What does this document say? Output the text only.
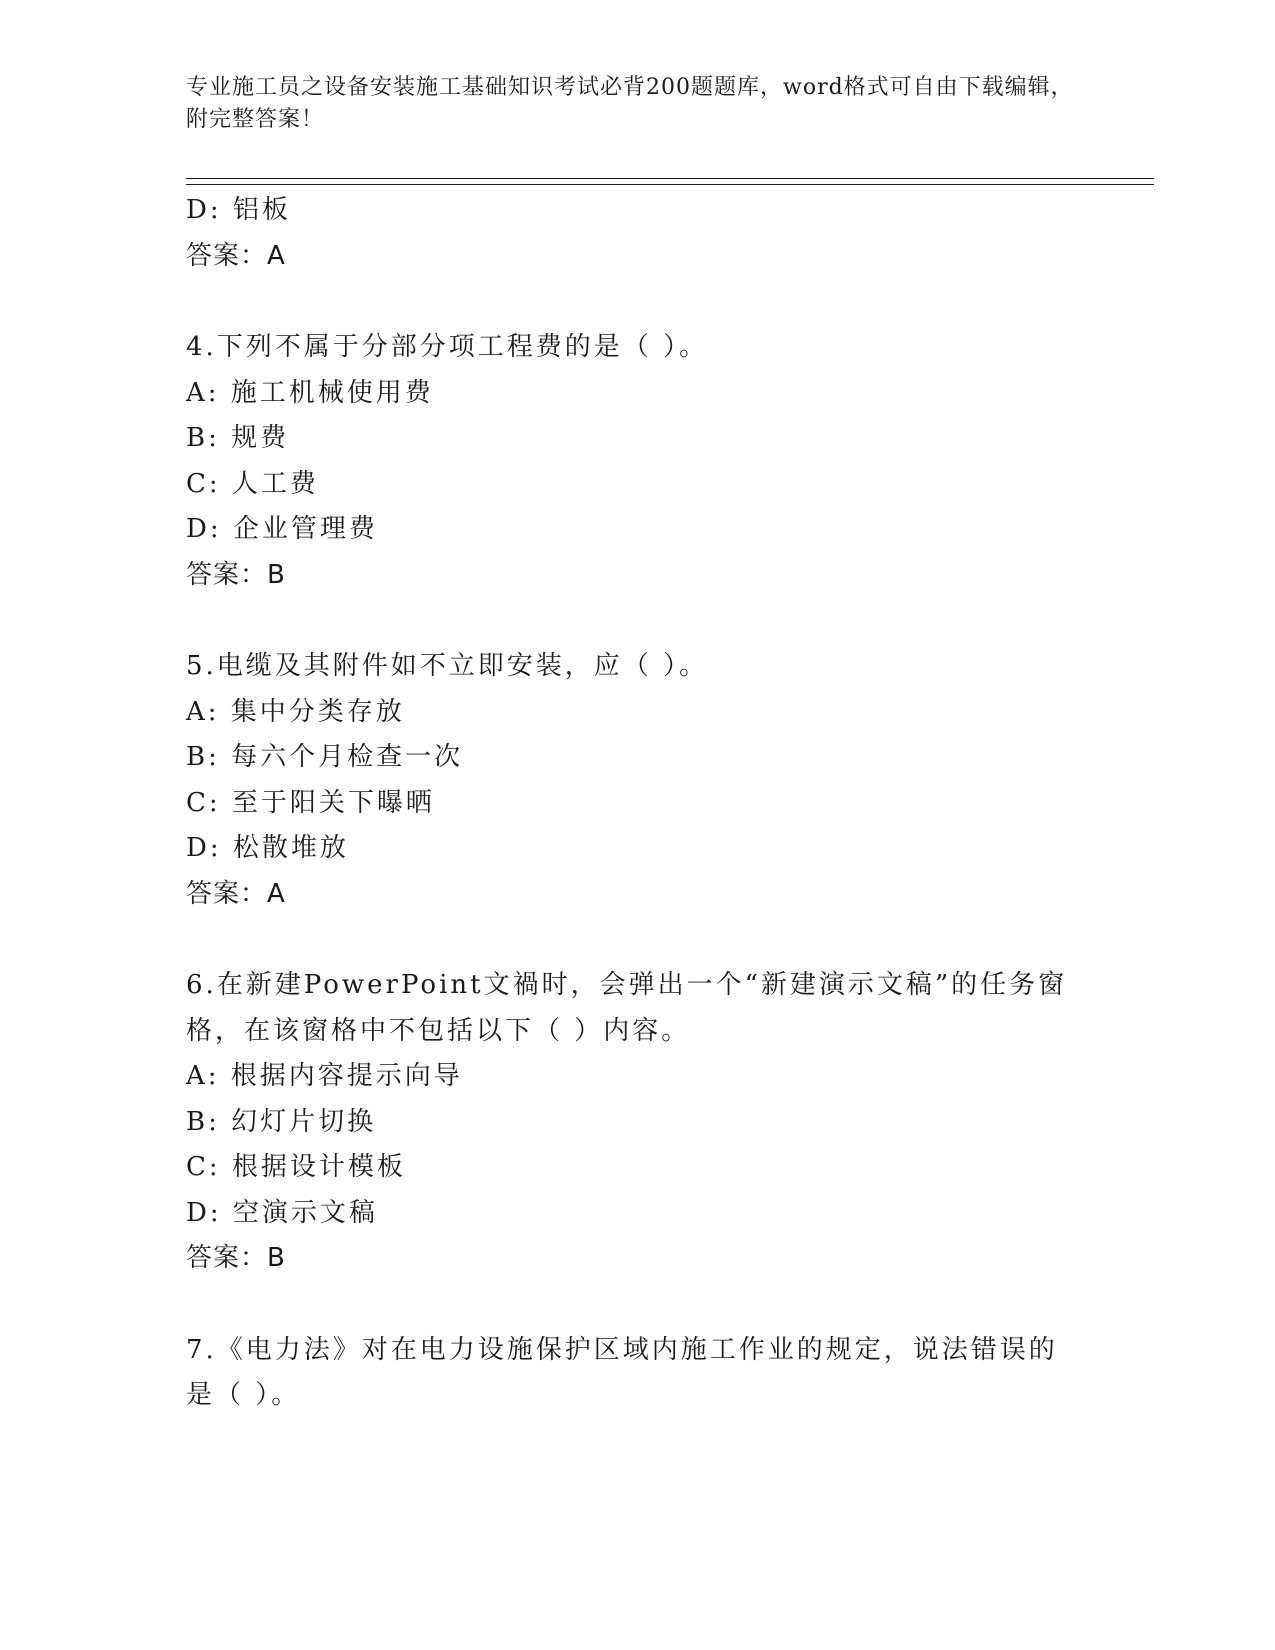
专业施工员之设备安装施工基础知识考试必背200题题库，word格式可自由下载编辑，附完整答案！
D: 铝板
答案：A
4.下列不属于分部分项工程费的是（ ）。
A: 施工机械使用费
B: 规费
C: 人工费
D: 企业管理费
答案：B
5.电缆及其附件如不立即安装，应（ ）。
A: 集中分类存放
B: 每六个月检查一次
C: 至于阳关下曝晒
D: 松散堆放
答案：A
6.在新建PowerPoint文禍时，会弹出一个“新建演示文稿”的任务窗格，在该窗格中不包括以下（ ）内容。
A: 根据内容提示向导
B: 幻灯片切换
C: 根据设计模板
D: 空演示文稿
答案：B
7.《电力法》对在电力设施保护区域内施工作业的规定，说法错误的是（ ）。
